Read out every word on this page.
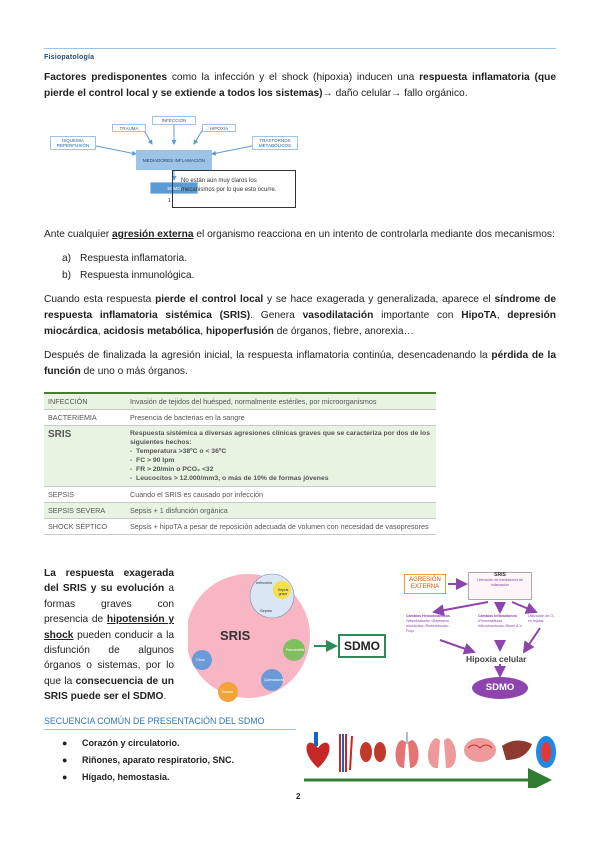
Fisiopatología
Factores predisponentes como la infección y el shock (hipoxia) inducen una respuesta inflamatoria (que pierde el control local y se extiende a todos los sistemas)→ daño celular→ fallo orgánico.
INFECCIÓN
TRAUMA	HIPOXIA
ISQUEMIA REPERFUSIÓN
TRASTORNOS METABÓLICOS
MEDIADORES INFLAMACIÓN
SDMO
1
No están aún muy claros los mecanismos por lo que esto ocurre.
Ante cualquier agresión externa el organismo reacciona en un intento de controlarla mediante dos mecanismos:
a) Respuesta inflamatoria.
b) Respuesta inmunológica.
Cuando esta respuesta pierde el control local y se hace exagerada y generalizada, aparece el síndrome de respuesta inflamatoria sistémica (SRIS). Genera vasodilatación importante con HipoTA, depresión miocárdica, acidosis metabólica, hipoperfusión de órganos, fiebre, anorexia…
Después de finalizada la agresión inicial, la respuesta inflamatoria continúa, desencadenando la pérdida de la función de uno o más órganos.
INFECCIÓN	Invasión de tejidos del huésped, normalmente estériles, por microorganismos
BACTERIEMIA	Presencia de bacterias en la sangre
SRIS	Respuesta sistémica a diversas agresiones clínicas graves que se caracteriza por dos de los siguientes hechos:
-  Temperatura >38ºC o < 36ºC
-  FC > 90 lpm
-  FR > 20/min o PCO₂ <32
-  Leucocitos > 12.000/mm3, o más de 10% de formas jóvenes

SEPSIS	Cuando el SRIS es causado por infección
SEPSIS SEVERA	Sepsis + 1 disfunción orgánica
SHOCK SÉPTICO	Sepsis + hipoTA a pesar de reposición adecuada de volumen con necesidad de vasopresores
La respuesta exagerada del SRIS y su evolución a formas graves con presencia de hipotensión y shock pueden conducir a la disfunción de algunos órganos o sistemas, por lo que la consecuencia de un SRIS puede ser el SDMO.
SRIS
Infección
Sepsis
Sepsis grave
Pancreatitis
Quemaduras
Trauma
Otros
SDMO
AGRESIÓN EXTERNA
SRIS
Liberación de mediadores de inflamación
Cambios Hemodinámicos
•Vasodilatación •Depresión miocárdica •Redistribución Flujo
Cambios Inflamatorios
•Permeabilidad •Microtrombosis •Shunt A-V
Utilización de O₂ en tejidos
Hipoxia celular
SDMO
SECUENCIA COMÚN DE PRESENTACIÓN DEL SDMO
● Corazón y circulatorio.
● Riñones, aparato respiratorio, SNC.
● Hígado, hemostasia.
2
